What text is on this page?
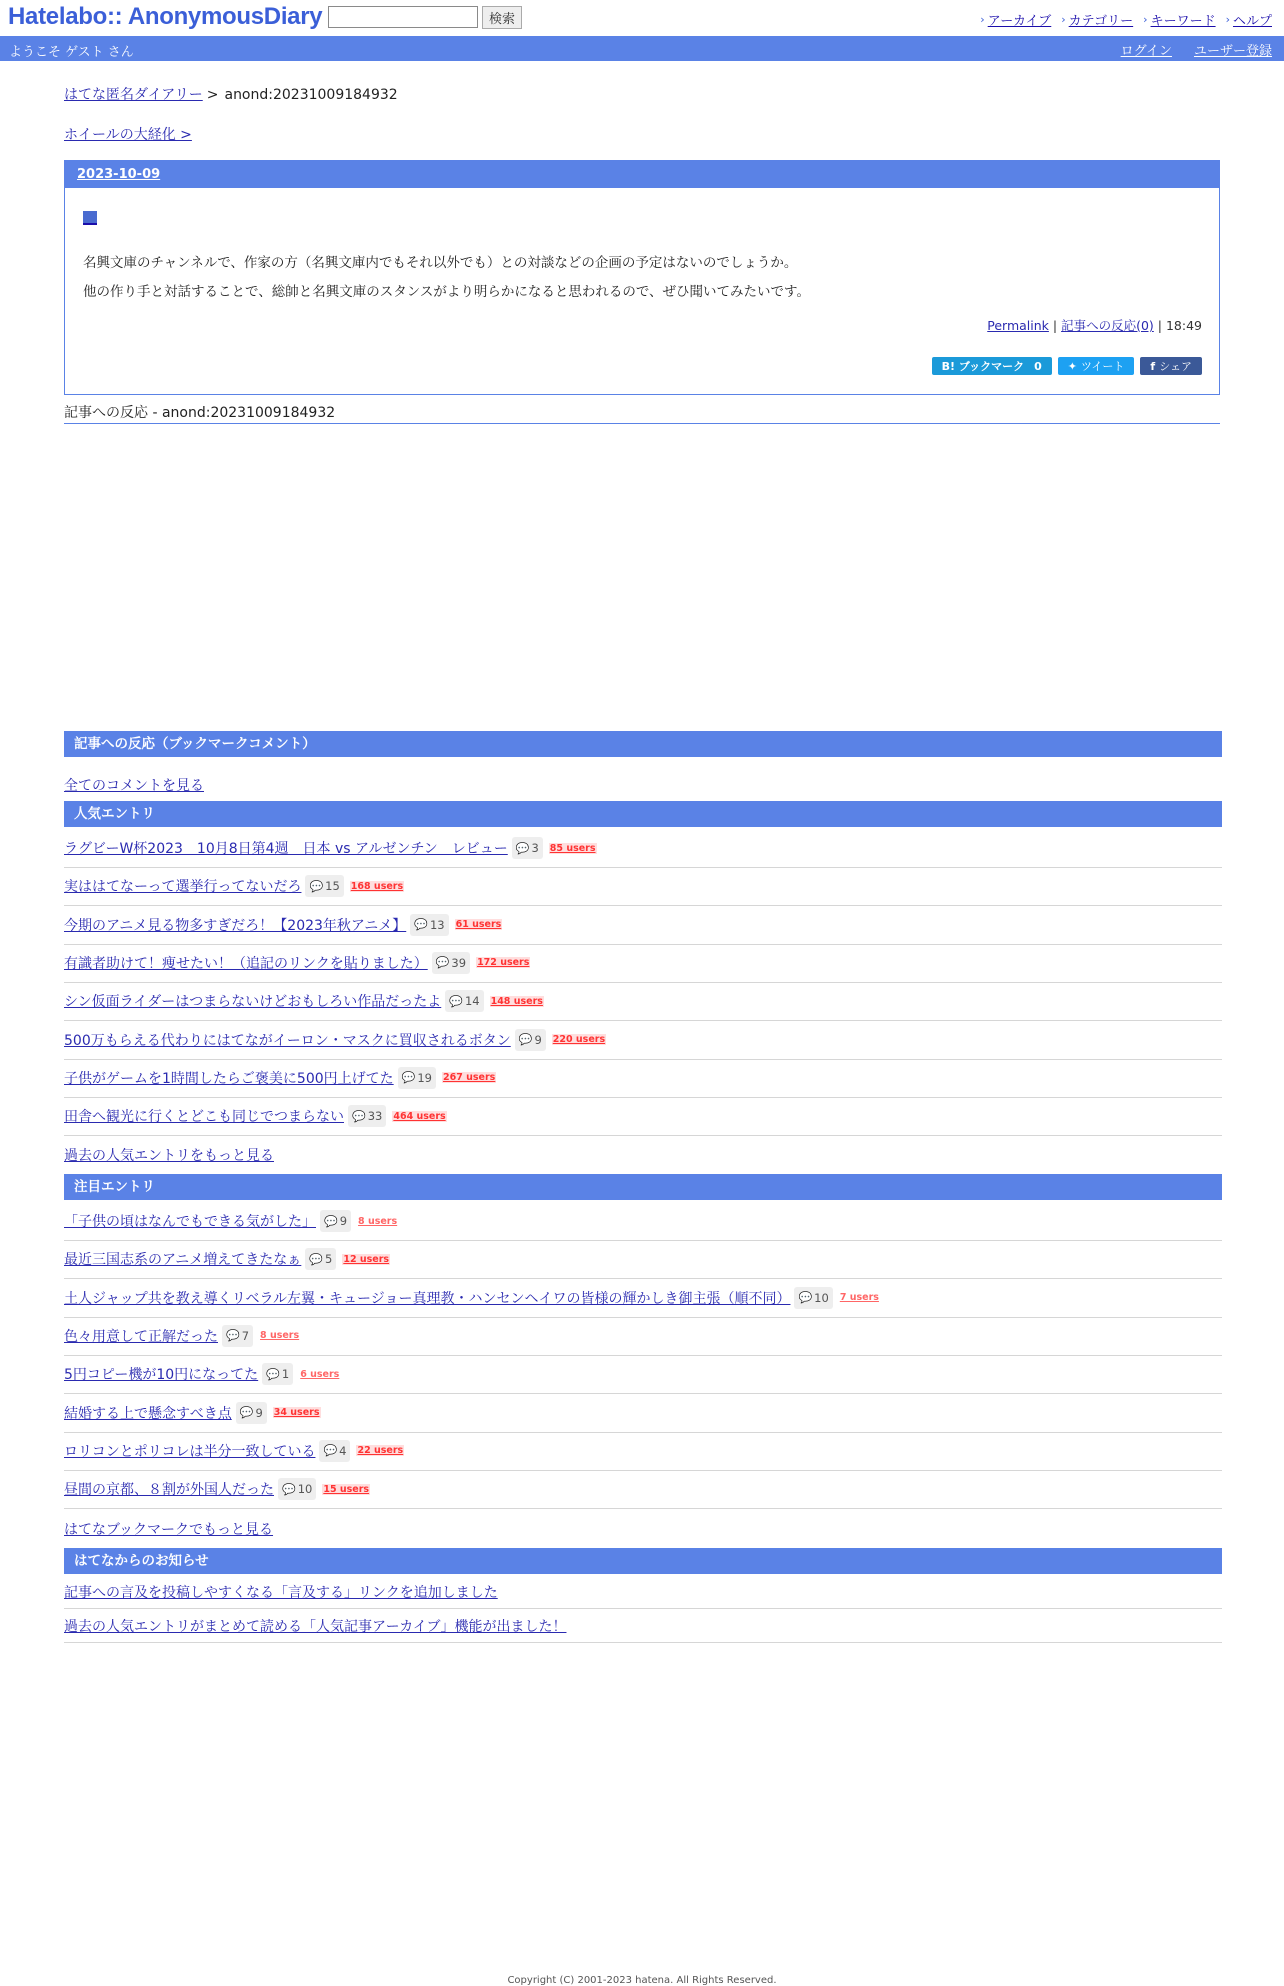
Hatelabo:: AnonymousDiary	検索	› アーカイブ › カテゴリー › キーワード › ヘルプ
ようこそ ゲスト さん	ログイン ユーザー登録
はてな匿名ダイアリー > anond:20231009184932
ホイールの大経化 >
2023-10-09
名興文庫のチャンネルで、作家の方（名興文庫内でもそれ以外でも）との対談などの企画の予定はないのでしょうか。
他の作り手と対話することで、総帥と名興文庫のスタンスがより明らかになると思われるので、ぜひ聞いてみたいです。
Permalink | 記事への反応(0) | 18:49
B! ブックマーク 0 ✦ ツイート f シェア
記事への反応 - anond:20231009184932
記事への反応（ブックマークコメント）
全てのコメントを見る
人気エントリ
ラグビーW杯2023　10月8日第4週　日本 vs アルゼンチン　レビュー 💬 3 85 users
実ははてなーって選挙行ってないだろ 💬 15 168 users
今期のアニメ見る物多すぎだろ！【2023年秋アニメ】 💬 13 61 users
有識者助けて！痩せたい！（追記のリンクを貼りました） 💬 39 172 users
シン仮面ライダーはつまらないけどおもしろい作品だったよ 💬 14 148 users
500万もらえる代わりにはてながイーロン・マスクに買収されるボタン 💬 9 220 users
子供がゲームを1時間したらご褒美に500円上げてた 💬 19 267 users
田舎へ観光に行くとどこも同じでつまらない 💬 33 464 users
過去の人気エントリをもっと見る
注目エントリ
「子供の頃はなんでもできる気がした」 💬 9 8 users
最近三国志系のアニメ増えてきたなぁ 💬 5 12 users
土人ジャップ共を教え導くリベラル左翼・キュージョー真理教・ハンセンヘイワの皆様の輝かしき御主張（順不同） 💬 10 7 users
色々用意して正解だった 💬 7 8 users
5円コピー機が10円になってた 💬 1 6 users
結婚する上で懸念すべき点 💬 9 34 users
ロリコンとポリコレは半分一致している 💬 4 22 users
昼間の京都、８割が外国人だった 💬 10 15 users
はてなブックマークでもっと見る
はてなからのお知らせ
記事への言及を投稿しやすくなる「言及する」リンクを追加しました
過去の人気エントリがまとめて読める「人気記事アーカイブ」機能が出ました！
Copyright (C) 2001-2023 hatena. All Rights Reserved.
